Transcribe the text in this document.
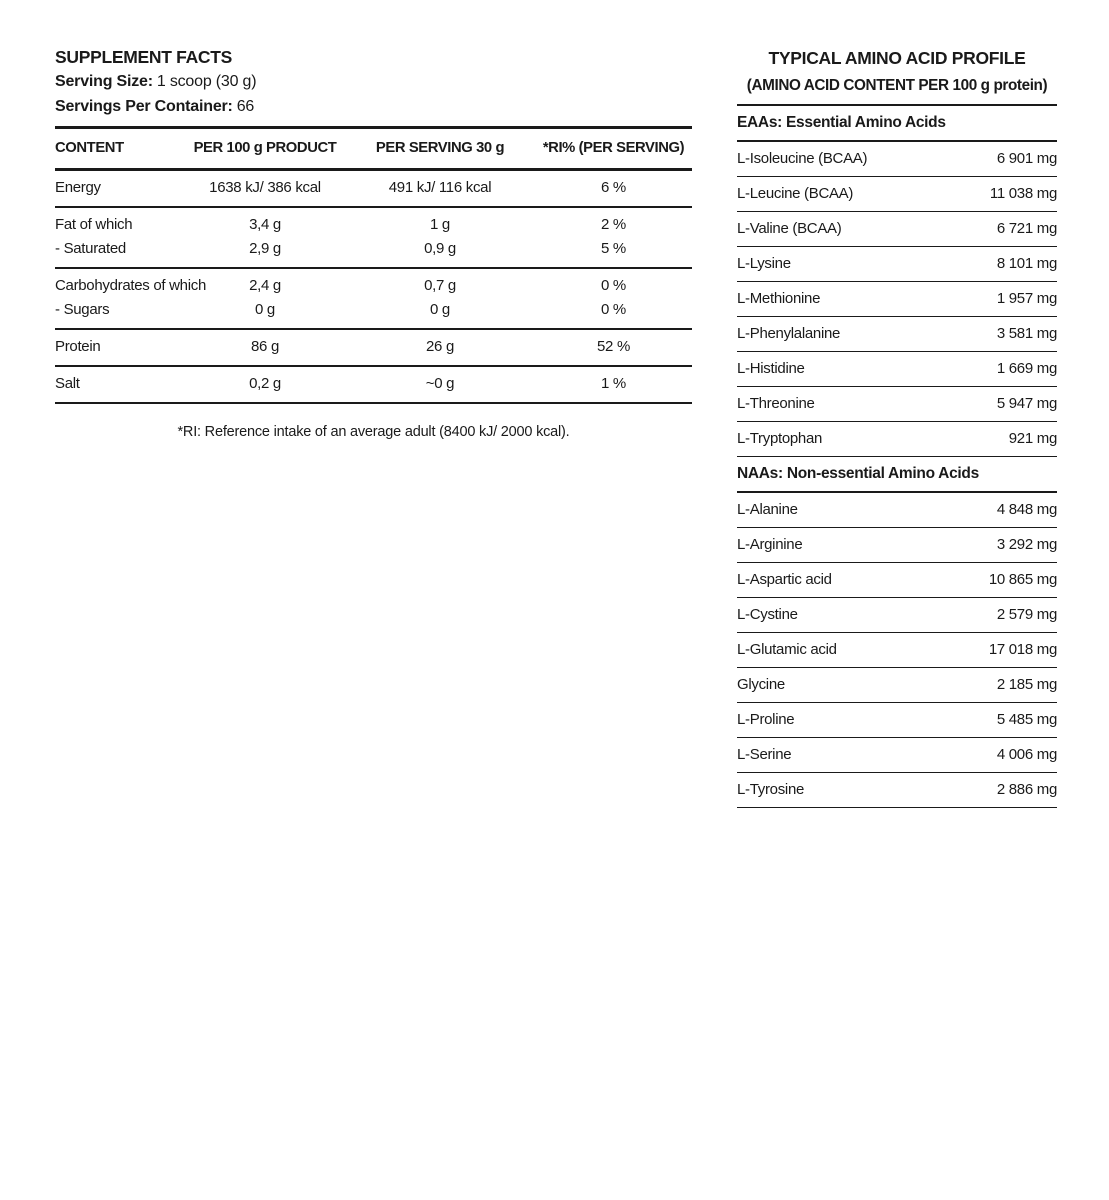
SUPPLEMENT FACTS
Serving Size: 1 scoop (30 g)
Servings Per Container: 66
CONTENT	PER 100 g PRODUCT	PER SERVING 30 g	*RI% (PER SERVING)
Energy	1638 kJ/ 386 kcal	491 kJ/ 116 kcal	6 %
Fat of which	3,4 g	1 g	2 %
- Saturated	2,9 g	0,9 g	5 %
Carbohydrates of which	2,4 g	0,7 g	0 %
- Sugars	0 g	0 g	0 %
Protein	86 g	26 g	52 %
Salt	0,2 g	~0 g	1 %
*RI: Reference intake of an average adult (8400 kJ/ 2000 kcal).
TYPICAL AMINO ACID PROFILE
(AMINO ACID CONTENT PER 100 g protein)
EAAs: Essential Amino Acids
L-Isoleucine (BCAA)	6 901 mg
L-Leucine (BCAA)	11 038 mg
L-Valine (BCAA)	6 721 mg
L-Lysine	8 101 mg
L-Methionine	1 957 mg
L-Phenylalanine	3 581 mg
L-Histidine	1 669 mg
L-Threonine	5 947 mg
L-Tryptophan	921 mg
NAAs: Non-essential Amino Acids
L-Alanine	4 848 mg
L-Arginine	3 292 mg
L-Aspartic acid	10 865 mg
L-Cystine	2 579 mg
L-Glutamic acid	17 018 mg
Glycine	2 185 mg
L-Proline	5 485 mg
L-Serine	4 006 mg
L-Tyrosine	2 886 mg
